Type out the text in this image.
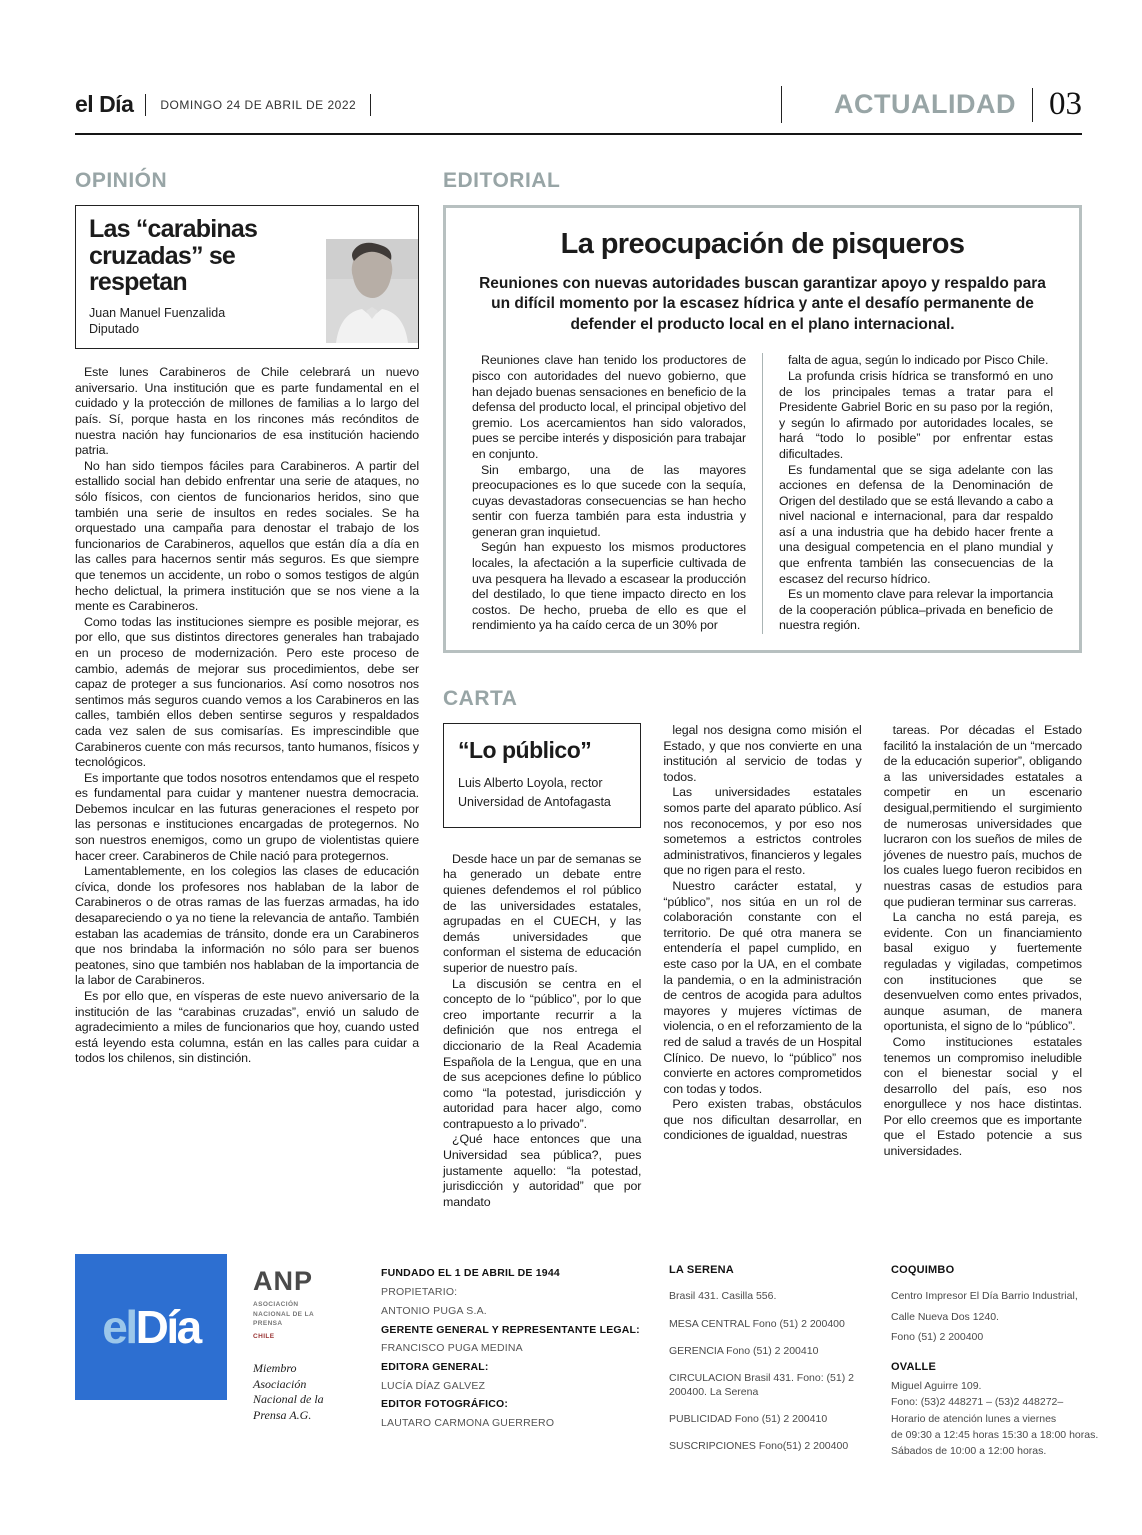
el Día	DOMINGO 24 DE ABRIL DE 2022	ACTUALIDAD 03
OPINIÓN
Las “carabinas cruzadas” se respetan
Juan Manuel Fuenzalida
Diputado

Este lunes Carabineros de Chile celebrará un nuevo aniversario. Una institución que es parte fundamental en el cuidado y la protección de millones de familias a lo largo del país. Sí, porque hasta en los rincones más recónditos de nuestra nación hay funcionarios de esa institución haciendo patria.

No han sido tiempos fáciles para Carabineros. A partir del estallido social han debido enfrentar una serie de ataques, no sólo físicos, con cientos de funcionarios heridos, sino que también una serie de insultos en redes sociales. Se ha orquestado una campaña para denostar el trabajo de los funcionarios de Carabineros, aquellos que están día a día en las calles para hacernos sentir más seguros. Es que siempre que tenemos un accidente, un robo o somos testigos de algún hecho delictual, la primera institución que se nos viene a la mente es Carabineros.

Como todas las instituciones siempre es posible mejorar, es por ello, que sus distintos directores generales han trabajado en un proceso de modernización. Pero este proceso de cambio, además de mejorar sus procedimientos, debe ser capaz de proteger a sus funcionarios. Así como nosotros nos sentimos más seguros cuando vemos a los Carabineros en las calles, también ellos deben sentirse seguros y respaldados cada vez salen de sus comisarías. Es imprescindible que Carabineros cuente con más recursos, tanto humanos, físicos y tecnológicos.

Es importante que todos nosotros entendamos que el respeto es fundamental para cuidar y mantener nuestra democracia. Debemos inculcar en las futuras generaciones el respeto por las personas e instituciones encargadas de protegernos. No son nuestros enemigos, como un grupo de violentistas quiere hacer creer. Carabineros de Chile nació para protegernos.

Lamentablemente, en los colegios las clases de educación cívica, donde los profesores nos hablaban de la labor de Carabineros o de otras ramas de las fuerzas armadas, ha ido desapareciendo o ya no tiene la relevancia de antaño. También estaban las academias de tránsito, donde era un Carabineros que nos brindaba la información no sólo para ser buenos peatones, sino que también nos hablaban de la importancia de la labor de Carabineros.

Es por ello que, en vísperas de este nuevo aniversario de la institución de las “carabinas cruzadas”, envió un saludo de agradecimiento a miles de funcionarios que hoy, cuando usted está leyendo esta columna, están en las calles para cuidar a todos los chilenos, sin distinción.

EDITORIAL
La preocupación de pisqueros
Reuniones con nuevas autoridades buscan garantizar apoyo y respaldo para un difícil momento por la escasez hídrica y ante el desafío permanente de defender el producto local en el plano internacional.

Reuniones clave han tenido los productores de pisco con autoridades del nuevo gobierno, que han dejado buenas sensaciones en beneficio de la defensa del producto local, el principal objetivo del gremio. Los acercamientos han sido valorados, pues se percibe interés y disposición para trabajar en conjunto.

Sin embargo, una de las mayores preocupaciones es lo que sucede con la sequía, cuyas devastadoras consecuencias se han hecho sentir con fuerza también para esta industria y generan gran inquietud.

Según han expuesto los mismos productores locales, la afectación a la superficie cultivada de uva pesquera ha llevado a escasear la producción del destilado, lo que tiene impacto directo en los costos. De hecho, prueba de ello es que el rendimiento ya ha caído cerca de un 30% por

falta de agua, según lo indicado por Pisco Chile.

La profunda crisis hídrica se transformó en uno de los principales temas a tratar para el Presidente Gabriel Boric en su paso por la región, y según lo afirmado por autoridades locales, se hará “todo lo posible” por enfrentar estas dificultades.

Es fundamental que se siga adelante con las acciones en defensa de la Denominación de Origen del destilado que se está llevando a cabo a nivel nacional e internacional, para dar respaldo así a una industria que ha debido hacer frente a una desigual competencia en el plano mundial y que enfrenta también las consecuencias de la escasez del recurso hídrico.

Es un momento clave para relevar la importancia de la cooperación pública–privada en beneficio de nuestra región.

CARTA
“Lo público”
Luis Alberto Loyola, rector
Universidad de Antofagasta

Desde hace un par de semanas se ha generado un debate entre quienes defendemos el rol público de las universidades estatales, agrupadas en el CUECH, y las demás universidades que conforman el sistema de educación superior de nuestro país.

La discusión se centra en el concepto de lo “público”, por lo que creo importante recurrir a la definición que nos entrega el diccionario de la Real Academia Española de la Lengua, que en una de sus acepciones define lo público como “la potestad, jurisdicción y autoridad para hacer algo, como contrapuesto a lo privado”.

¿Qué hace entonces que una Universidad sea pública?, pues justamente aquello: “la potestad, jurisdicción y autoridad” que por mandato

legal nos designa como misión el Estado, y que nos convierte en una institución al servicio de todas y todos.

Las universidades estatales somos parte del aparato público. Así nos reconocemos, y por eso nos sometemos a estrictos controles administrativos, financieros y legales que no rigen para el resto.

Nuestro carácter estatal, y “público”, nos sitúa en un rol de colaboración constante con el territorio. De qué otra manera se entendería el papel cumplido, en este caso por la UA, en el combate la pandemia, o en la administración de centros de acogida para adultos mayores y mujeres víctimas de violencia, o en el reforzamiento de la red de salud a través de un Hospital Clínico. De nuevo, lo “público” nos convierte en actores comprometidos con todas y todos.

Pero existen trabas, obstáculos que nos dificultan desarrollar, en condiciones de igualdad, nuestras

tareas. Por décadas el Estado facilitó la instalación de un “mercado de la educación superior”, obligando a las universidades estatales a competir en un escenario desigual,permitiendo el surgimiento de numerosas universidades que lucraron con los sueños de miles de jóvenes de nuestro país, muchos de los cuales luego fueron recibidos en nuestras casas de estudios para que pudieran terminar sus carreras.

La cancha no está pareja, es evidente. Con un financiamiento basal exiguo y fuertemente reguladas y vigiladas, competimos con instituciones que se desenvuelven como entes privados, aunque asuman, de manera oportunista, el signo de lo “público”.

Como instituciones estatales tenemos un compromiso ineludible con el bienestar social y el desarrollo del país, eso nos enorgullece y nos hace distintas. Por ello creemos que es importante que el Estado potencie a sus universidades.

elDía
ANP
ASOCIACIÓN NACIONAL DE LA PRENSA
CHILE
Miembro Asociación Nacional de la Prensa A.G.
FUNDADO EL 1 DE ABRIL DE 1944
PROPIETARIO:
ANTONIO PUGA S.A.
GERENTE GENERAL Y REPRESENTANTE LEGAL:
FRANCISCO PUGA MEDINA
EDITORA GENERAL:
LUCÍA DÍAZ GALVEZ
EDITOR FOTOGRÁFICO:
LAUTARO CARMONA GUERRERO
LA SERENA
Brasil 431. Casilla 556.
MESA CENTRAL Fono (51) 2 200400
GERENCIA Fono (51) 2 200410
CIRCULACION Brasil 431. Fono: (51) 2 200400. La Serena
PUBLICIDAD Fono (51) 2 200410
SUSCRIPCIONES Fono(51) 2 200400
COQUIMBO
Centro Impresor El Día Barrio Industrial,
Calle Nueva Dos 1240.
Fono (51) 2 200400
OVALLE
Miguel Aguirre 109.
Fono: (53)2 448271 – (53)2 448272–
Horario de atención lunes a viernes
de 09:30 a 12:45 horas 15:30 a 18:00 horas.
Sábados de 10:00 a 12:00 horas.
